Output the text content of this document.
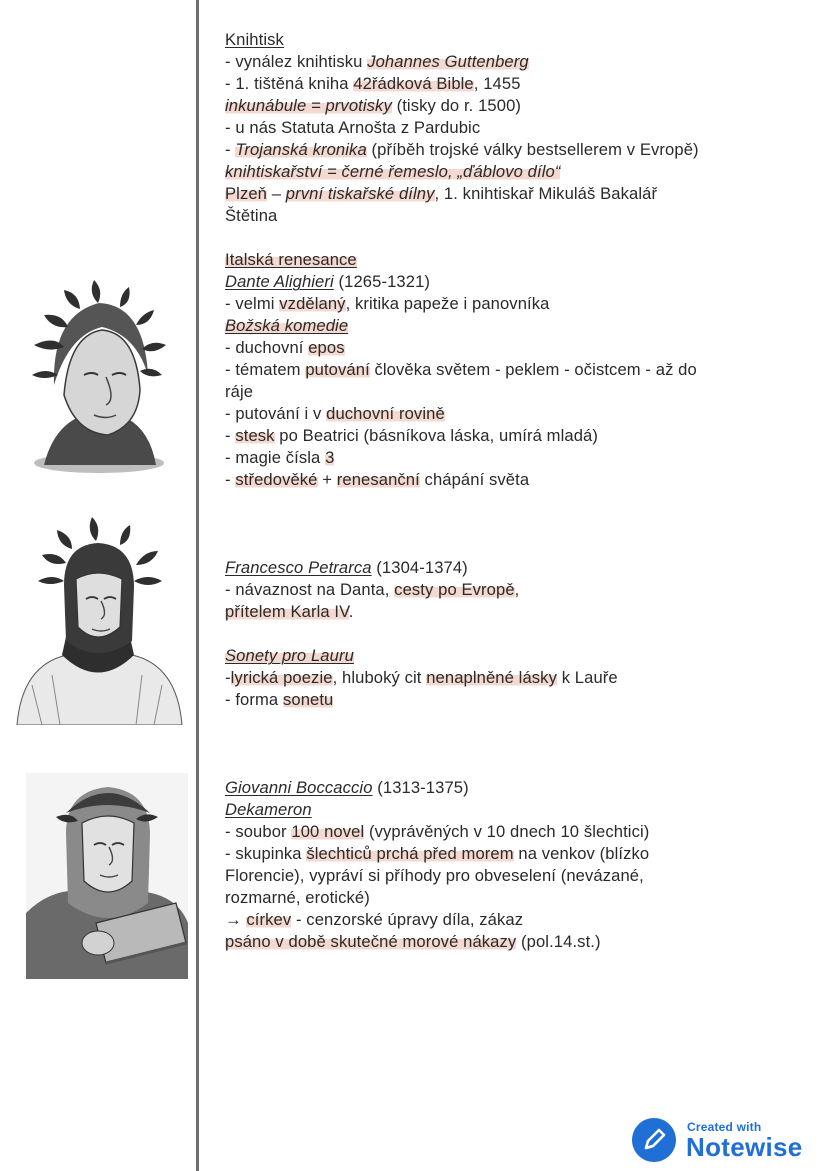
Knihtisk
- vynález knihtisku Johannes Guttenberg
- 1. tištěná kniha 42řádková Bible, 1455
inkunábule = prvotisky (tisky do r. 1500)
- u nás Statuta Arnošta z Pardubic
- Trojanská kronika (příběh trojské války bestsellerem v Evropě)
knihtiskařství = černé řemeslo, „ďáblovo dílo“
Plzeň – první tiskařské dílny, 1. knihtiskař Mikuláš Bakalář
Štětina
Italská renesance
Dante Alighieri (1265-1321)
- velmi vzdělaný, kritika papeže i panovníka
Božská komedie
- duchovní epos
- tématem putování člověka světem - peklem - očistcem - až do
ráje
- putování i v duchovní rovině
- stesk po Beatrici (básníkova láska, umírá mladá)
- magie čísla 3
- středověké + renesanční chápání světa
Francesco Petrarca (1304-1374)
- návaznost na Danta, cesty po Evropě,
přítelem Karla IV.
Sonety pro Lauru
-lyrická poezie, hluboký cit nenaplněné lásky k Lauře
- forma sonetu
Giovanni Boccaccio (1313-1375)
Dekameron
- soubor 100 novel (vyprávěných v 10 dnech 10 šlechtici)
- skupinka šlechticů prchá před morem na venkov (blízko
Florencie), vypráví si příhody pro obveselení (nevázané,
rozmarné, erotické)
→ církev - cenzorské úpravy díla, zákaz
psáno v době skutečné morové nákazy (pol.14.st.)
Created with
Notewise
